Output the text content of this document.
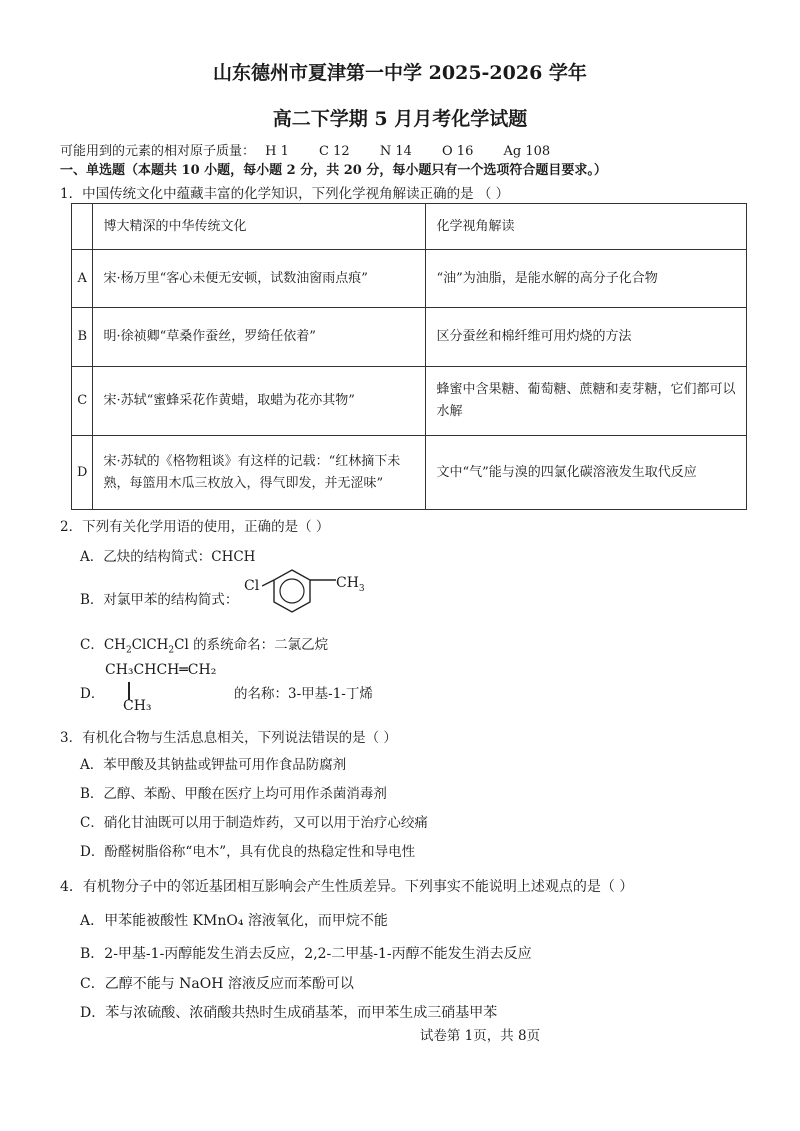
山东德州市夏津第一中学 2025-2026 学年
高二下学期 5 月月考化学试题
可能用到的元素的相对原子质量： H 1 C 12 N 14 O 16 Ag 108
一、单选题（本题共 10 小题，每小题 2 分，共 20 分，每小题只有一个选项符合题目要求。）
1．中国传统文化中蕴藏丰富的化学知识，下列化学视角解读正确的是 （ ）
	博大精深的中华传统文化	化学视角解读
A	宋·杨万里“客心未便无安顿，试数油窗雨点痕”	“油”为油脂，是能水解的高分子化合物
B	明·徐祯卿“草桑作蚕丝，罗绮任依着”	区分蚕丝和棉纤维可用灼烧的方法
C	宋·苏轼“蜜蜂采花作黄蜡，取蜡为花亦其物”	蜂蜜中含果糖、葡萄糖、蔗糖和麦芽糖，它们都可以水解
D	宋·苏轼的《格物粗谈》有这样的记载：“红林摘下未熟，每篮用木瓜三枚放入，得气即发，并无涩味”	文中“气”能与溴的四氯化碳溶液发生取代反应
2．下列有关化学用语的使用，正确的是（ ）
A．乙炔的结构简式：CHCH
B．对氯甲苯的结构简式：
Cl	$CH_3$
C．$CH_2ClCH_2Cl$ 的系统命名：二氯乙烷
D．
CH₃CHCH═CH₂
CH₃
的名称：3-甲基-1-丁烯
3．有机化合物与生活息息相关，下列说法错误的是（ ）
A．苯甲酸及其钠盐或钾盐可用作食品防腐剂
B．乙醇、苯酚、甲酸在医疗上均可用作杀菌消毒剂
C．硝化甘油既可以用于制造炸药，又可以用于治疗心绞痛
D．酚醛树脂俗称“电木”，具有优良的热稳定性和导电性
4．有机物分子中的邻近基团相互影响会产生性质差异。下列事实不能说明上述观点的是（ ）
A．甲苯能被酸性 KMnO₄ 溶液氧化，而甲烷不能
B．2-甲基-1-丙醇能发生消去反应，2,2-二甲基-1-丙醇不能发生消去反应
C．乙醇不能与 NaOH 溶液反应而苯酚可以
D．苯与浓硫酸、浓硝酸共热时生成硝基苯，而甲苯生成三硝基甲苯
试卷第 1页，共 8页
